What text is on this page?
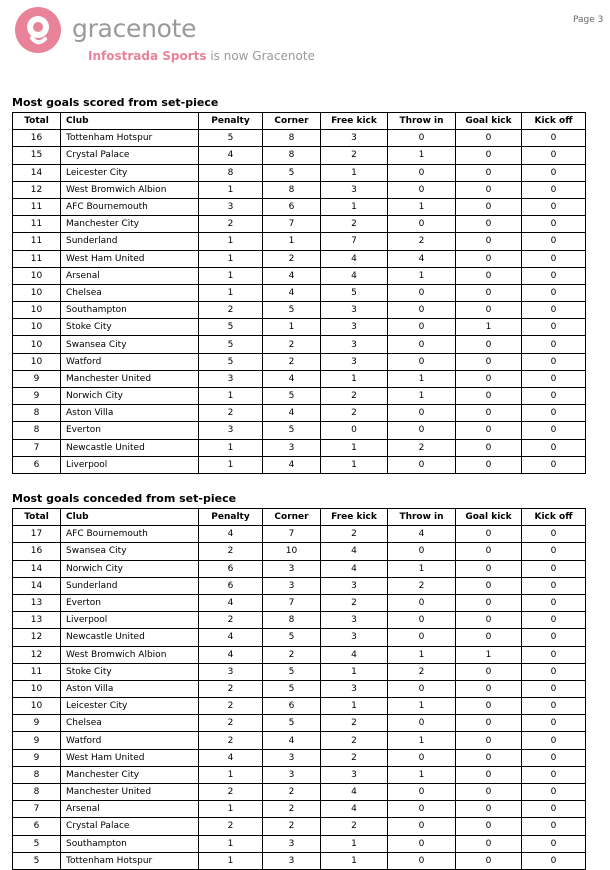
gracenote
Infostrada Sports is now Gracenote
Page 3
Most goals scored from set-piece
Total	Club	Penalty	Corner	Free kick	Throw in	Goal kick	Kick off
16	Tottenham Hotspur	5	8	3	0	0	0
15	Crystal Palace	4	8	2	1	0	0
14	Leicester City	8	5	1	0	0	0
12	West Bromwich Albion	1	8	3	0	0	0
11	AFC Bournemouth	3	6	1	1	0	0
11	Manchester City	2	7	2	0	0	0
11	Sunderland	1	1	7	2	0	0
11	West Ham United	1	2	4	4	0	0
10	Arsenal	1	4	4	1	0	0
10	Chelsea	1	4	5	0	0	0
10	Southampton	2	5	3	0	0	0
10	Stoke City	5	1	3	0	1	0
10	Swansea City	5	2	3	0	0	0
10	Watford	5	2	3	0	0	0
9	Manchester United	3	4	1	1	0	0
9	Norwich City	1	5	2	1	0	0
8	Aston Villa	2	4	2	0	0	0
8	Everton	3	5	0	0	0	0
7	Newcastle United	1	3	1	2	0	0
6	Liverpool	1	4	1	0	0	0
Most goals conceded from set-piece
Total	Club	Penalty	Corner	Free kick	Throw in	Goal kick	Kick off
17	AFC Bournemouth	4	7	2	4	0	0
16	Swansea City	2	10	4	0	0	0
14	Norwich City	6	3	4	1	0	0
14	Sunderland	6	3	3	2	0	0
13	Everton	4	7	2	0	0	0
13	Liverpool	2	8	3	0	0	0
12	Newcastle United	4	5	3	0	0	0
12	West Bromwich Albion	4	2	4	1	1	0
11	Stoke City	3	5	1	2	0	0
10	Aston Villa	2	5	3	0	0	0
10	Leicester City	2	6	1	1	0	0
9	Chelsea	2	5	2	0	0	0
9	Watford	2	4	2	1	0	0
9	West Ham United	4	3	2	0	0	0
8	Manchester City	1	3	3	1	0	0
8	Manchester United	2	2	4	0	0	0
7	Arsenal	1	2	4	0	0	0
6	Crystal Palace	2	2	2	0	0	0
5	Southampton	1	3	1	0	0	0
5	Tottenham Hotspur	1	3	1	0	0	0
